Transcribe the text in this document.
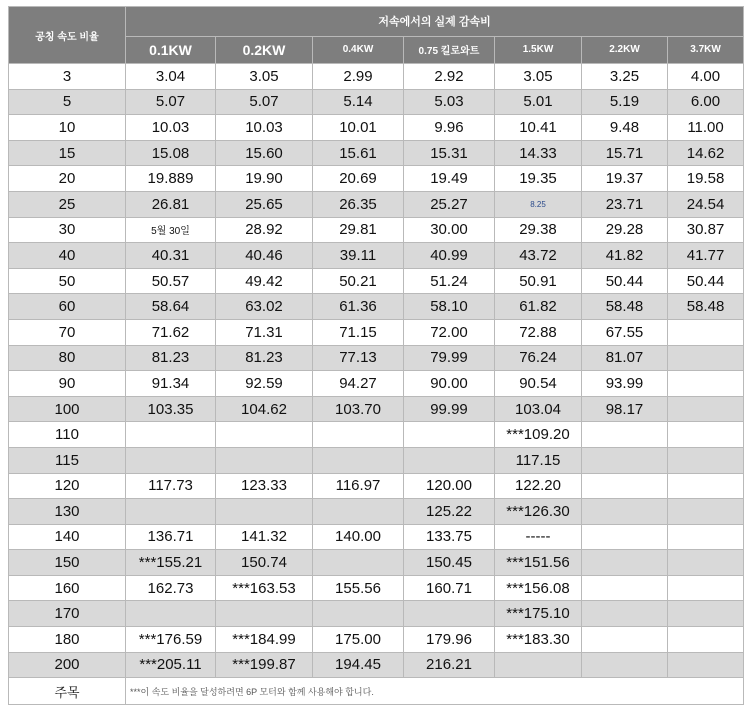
공칭 속도 비율	저속에서의 실제 감속비						
	0.1KW	0.2KW	0.4KW	0.75 킬로와트	1.5KW	2.2KW	3.7KW
3	3.04	3.05	2.99	2.92	3.05	3.25	4.00
5	5.07	5.07	5.14	5.03	5.01	5.19	6.00
10	10.03	10.03	10.01	9.96	10.41	9.48	11.00
15	15.08	15.60	15.61	15.31	14.33	15.71	14.62
20	19.889	19.90	20.69	19.49	19.35	19.37	19.58
25	26.81	25.65	26.35	25.27	8.25	23.71	24.54
30	5월 30일	28.92	29.81	30.00	29.38	29.28	30.87
40	40.31	40.46	39.11	40.99	43.72	41.82	41.77
50	50.57	49.42	50.21	51.24	50.91	50.44	50.44
60	58.64	63.02	61.36	58.10	61.82	58.48	58.48
70	71.62	71.31	71.15	72.00	72.88	67.55	
80	81.23	81.23	77.13	79.99	76.24	81.07	
90	91.34	92.59	94.27	90.00	90.54	93.99	
100	103.35	104.62	103.70	99.99	103.04	98.17	
110					***109.20		
115					117.15		
120	117.73	123.33	116.97	120.00	122.20		
130				125.22	***126.30		
140	136.71	141.32	140.00	133.75	-----		
150	***155.21	150.74		150.45	***151.56		
160	162.73	***163.53	155.56	160.71	***156.08		
170					***175.10		
180	***176.59	***184.99	175.00	179.96	***183.30		
200	***205.11	***199.87	194.45	216.21			
주목	***이 속도 비율을 달성하려면 6P 모터와 함께 사용해야 합니다.						
